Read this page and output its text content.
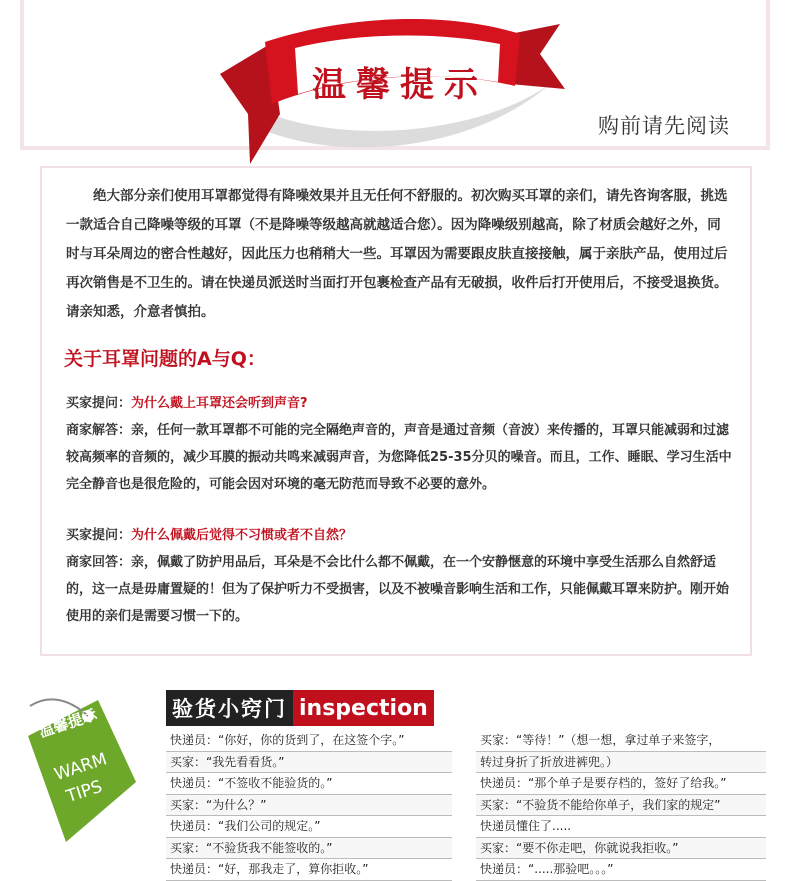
温馨提示
购前请先阅读

绝大部分亲们使用耳罩都觉得有降噪效果并且无任何不舒服的。初次购买耳罩的亲们，请先咨询客服，挑选一款适合自己降噪等级的耳罩（不是降噪等级越高就越适合您）。因为降噪级别越高，除了材质会越好之外，同时与耳朵周边的密合性越好，因此压力也稍稍大一些。耳罩因为需要跟皮肤直接接触，属于亲肤产品，使用过后再次销售是不卫生的。请在快递员派送时当面打开包裹检查产品有无破损，收件后打开使用后，不接受退换货。请亲知悉，介意者慎拍。

关于耳罩问题的A与Q：

买家提问：为什么戴上耳罩还会听到声音?

商家解答：亲，任何一款耳罩都不可能的完全隔绝声音的，声音是通过音频（音波）来传播的，耳罩只能减弱和过滤较高频率的音频的，减少耳膜的振动共鸣来减弱声音，为您降低25-35分贝的噪音。而且，工作、睡眠、学习生活中完全静音也是很危险的，可能会因对环境的毫无防范而导致不必要的意外。

买家提问：为什么佩戴后觉得不习惯或者不自然？

商家回答：亲，佩戴了防护用品后，耳朵是不会比什么都不佩戴，在一个安静惬意的环境中享受生活那么自然舒适的，这一点是毋庸置疑的！但为了保护听力不受损害，以及不被噪音影响生活和工作，只能佩戴耳罩来防护。刚开始使用的亲们是需要习惯一下的。

温馨提示
WARM
TIPS
验货小窍门 inspection
快递员：“你好，你的货到了，在这签个字。”
买家：“我先看看货。”
快递员：“不签收不能验货的。”
买家：“为什么？”
快递员：“我们公司的规定。”
买家：“不验货我不能签收的。”
快递员：“好，那我走了，算你拒收。”
买家：“等待！”（想一想，拿过单子来签字，
转过身折了折放进裤兜。）
快递员：“那个单子是要存档的，签好了给我。”
买家：“不验货不能给你单子，我们家的规定”
快递员懂住了.....
买家：“要不你走吧，你就说我拒收。”
快递员：“.....那验吧。。。”
